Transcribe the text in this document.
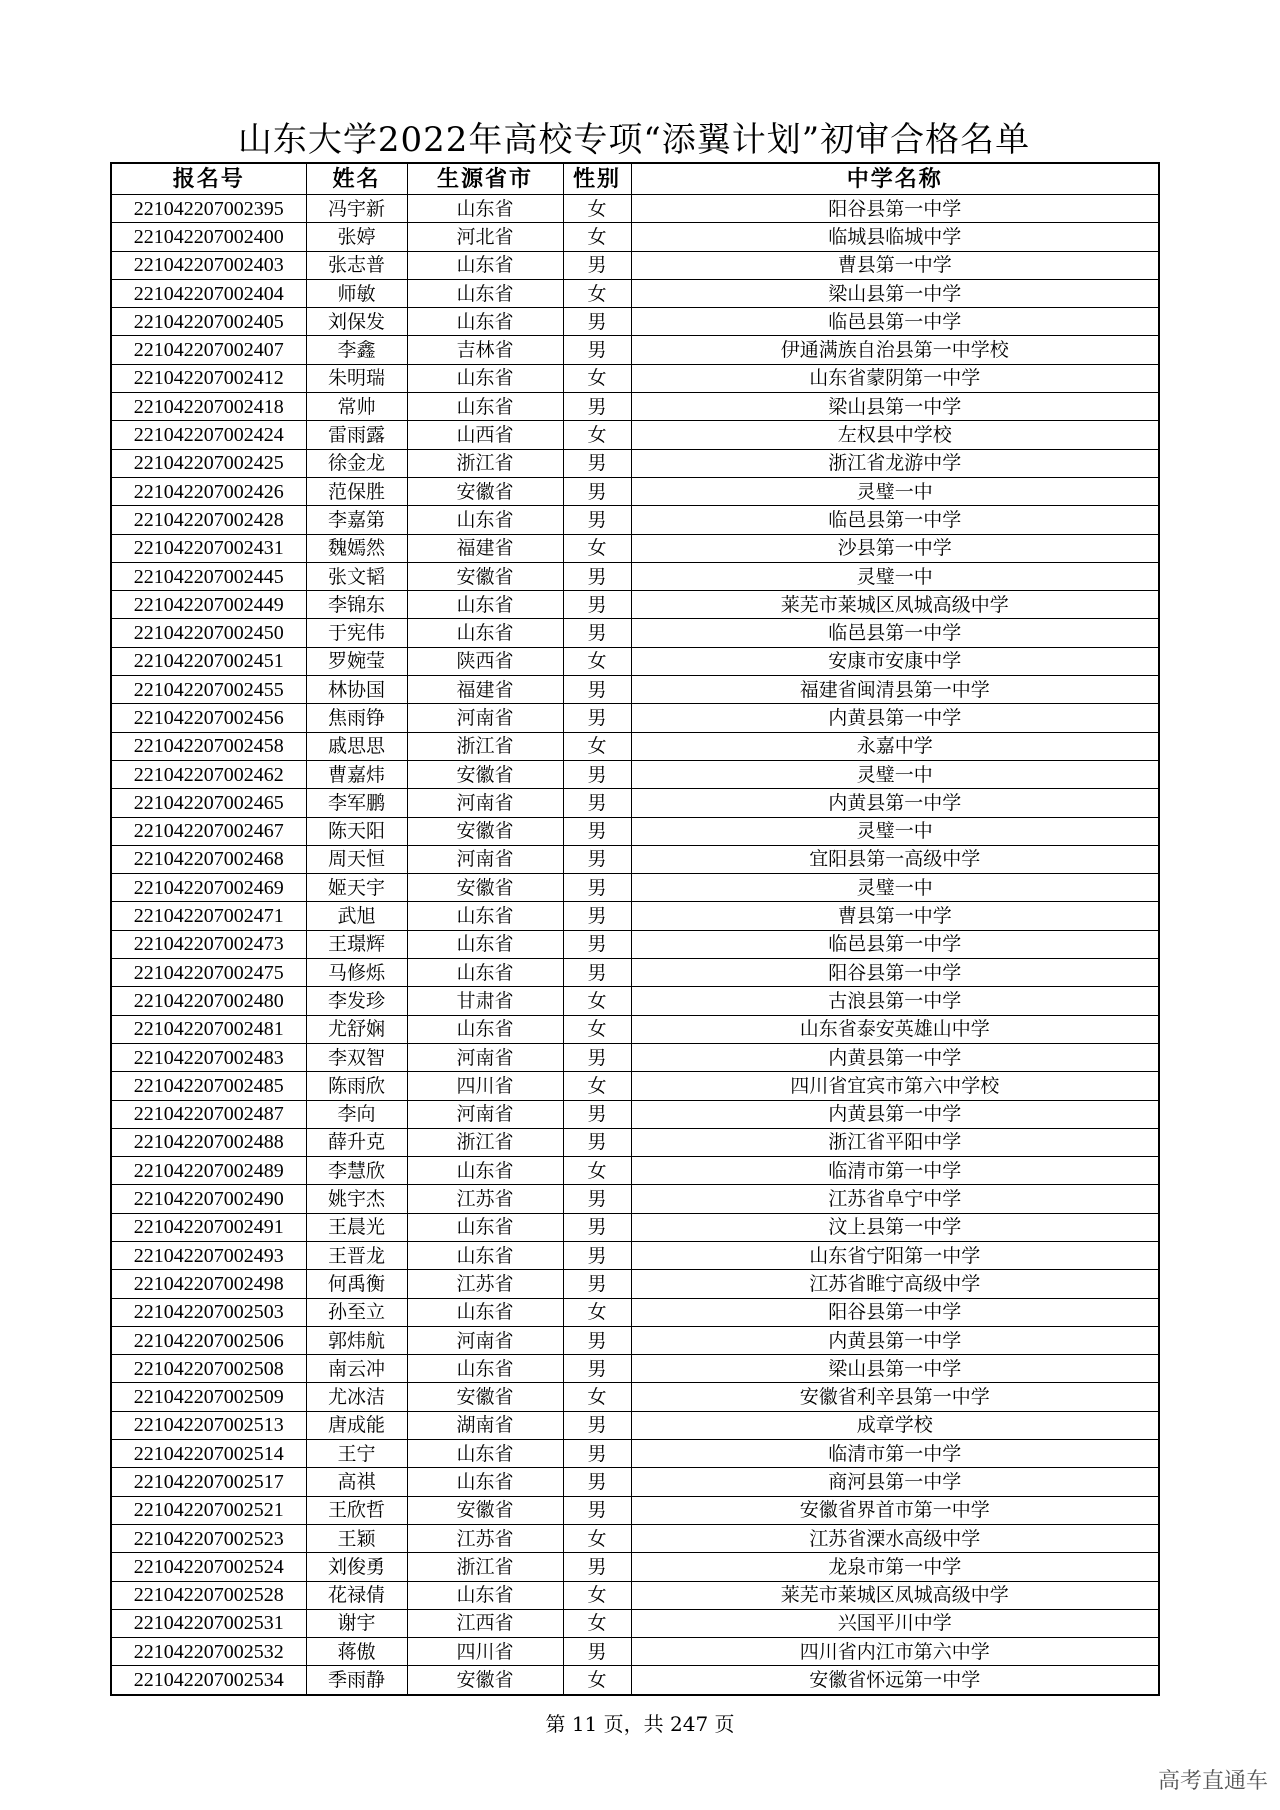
山东大学2022年高校专项“添翼计划”初审合格名单
报名号	姓名	生源省市	性别	中学名称
221042207002395	冯宇新	山东省	女	阳谷县第一中学
221042207002400	张婷	河北省	女	临城县临城中学
221042207002403	张志普	山东省	男	曹县第一中学
221042207002404	师敏	山东省	女	梁山县第一中学
221042207002405	刘保发	山东省	男	临邑县第一中学
221042207002407	李鑫	吉林省	男	伊通满族自治县第一中学校
221042207002412	朱明瑞	山东省	女	山东省蒙阴第一中学
221042207002418	常帅	山东省	男	梁山县第一中学
221042207002424	雷雨露	山西省	女	左权县中学校
221042207002425	徐金龙	浙江省	男	浙江省龙游中学
221042207002426	范保胜	安徽省	男	灵璧一中
221042207002428	李嘉第	山东省	男	临邑县第一中学
221042207002431	魏嫣然	福建省	女	沙县第一中学
221042207002445	张文韬	安徽省	男	灵璧一中
221042207002449	李锦东	山东省	男	莱芜市莱城区凤城高级中学
221042207002450	于宪伟	山东省	男	临邑县第一中学
221042207002451	罗婉莹	陕西省	女	安康市安康中学
221042207002455	林协国	福建省	男	福建省闽清县第一中学
221042207002456	焦雨铮	河南省	男	内黄县第一中学
221042207002458	戚思思	浙江省	女	永嘉中学
221042207002462	曹嘉炜	安徽省	男	灵璧一中
221042207002465	李军鹏	河南省	男	内黄县第一中学
221042207002467	陈天阳	安徽省	男	灵璧一中
221042207002468	周天恒	河南省	男	宜阳县第一高级中学
221042207002469	姬天宇	安徽省	男	灵璧一中
221042207002471	武旭	山东省	男	曹县第一中学
221042207002473	王璟辉	山东省	男	临邑县第一中学
221042207002475	马修烁	山东省	男	阳谷县第一中学
221042207002480	李发珍	甘肃省	女	古浪县第一中学
221042207002481	尤舒娴	山东省	女	山东省泰安英雄山中学
221042207002483	李双智	河南省	男	内黄县第一中学
221042207002485	陈雨欣	四川省	女	四川省宜宾市第六中学校
221042207002487	李向	河南省	男	内黄县第一中学
221042207002488	薛升克	浙江省	男	浙江省平阳中学
221042207002489	李慧欣	山东省	女	临清市第一中学
221042207002490	姚宇杰	江苏省	男	江苏省阜宁中学
221042207002491	王晨光	山东省	男	汶上县第一中学
221042207002493	王晋龙	山东省	男	山东省宁阳第一中学
221042207002498	何禹衡	江苏省	男	江苏省睢宁高级中学
221042207002503	孙至立	山东省	女	阳谷县第一中学
221042207002506	郭炜航	河南省	男	内黄县第一中学
221042207002508	南云冲	山东省	男	梁山县第一中学
221042207002509	尤冰洁	安徽省	女	安徽省利辛县第一中学
221042207002513	唐成能	湖南省	男	成章学校
221042207002514	王宁	山东省	男	临清市第一中学
221042207002517	高祺	山东省	男	商河县第一中学
221042207002521	王欣哲	安徽省	男	安徽省界首市第一中学
221042207002523	王颖	江苏省	女	江苏省溧水高级中学
221042207002524	刘俊勇	浙江省	男	龙泉市第一中学
221042207002528	花禄倩	山东省	女	莱芜市莱城区凤城高级中学
221042207002531	谢宇	江西省	女	兴国平川中学
221042207002532	蒋傲	四川省	男	四川省内江市第六中学
221042207002534	季雨静	安徽省	女	安徽省怀远第一中学
第 11 页，共 247 页
高考直通车
